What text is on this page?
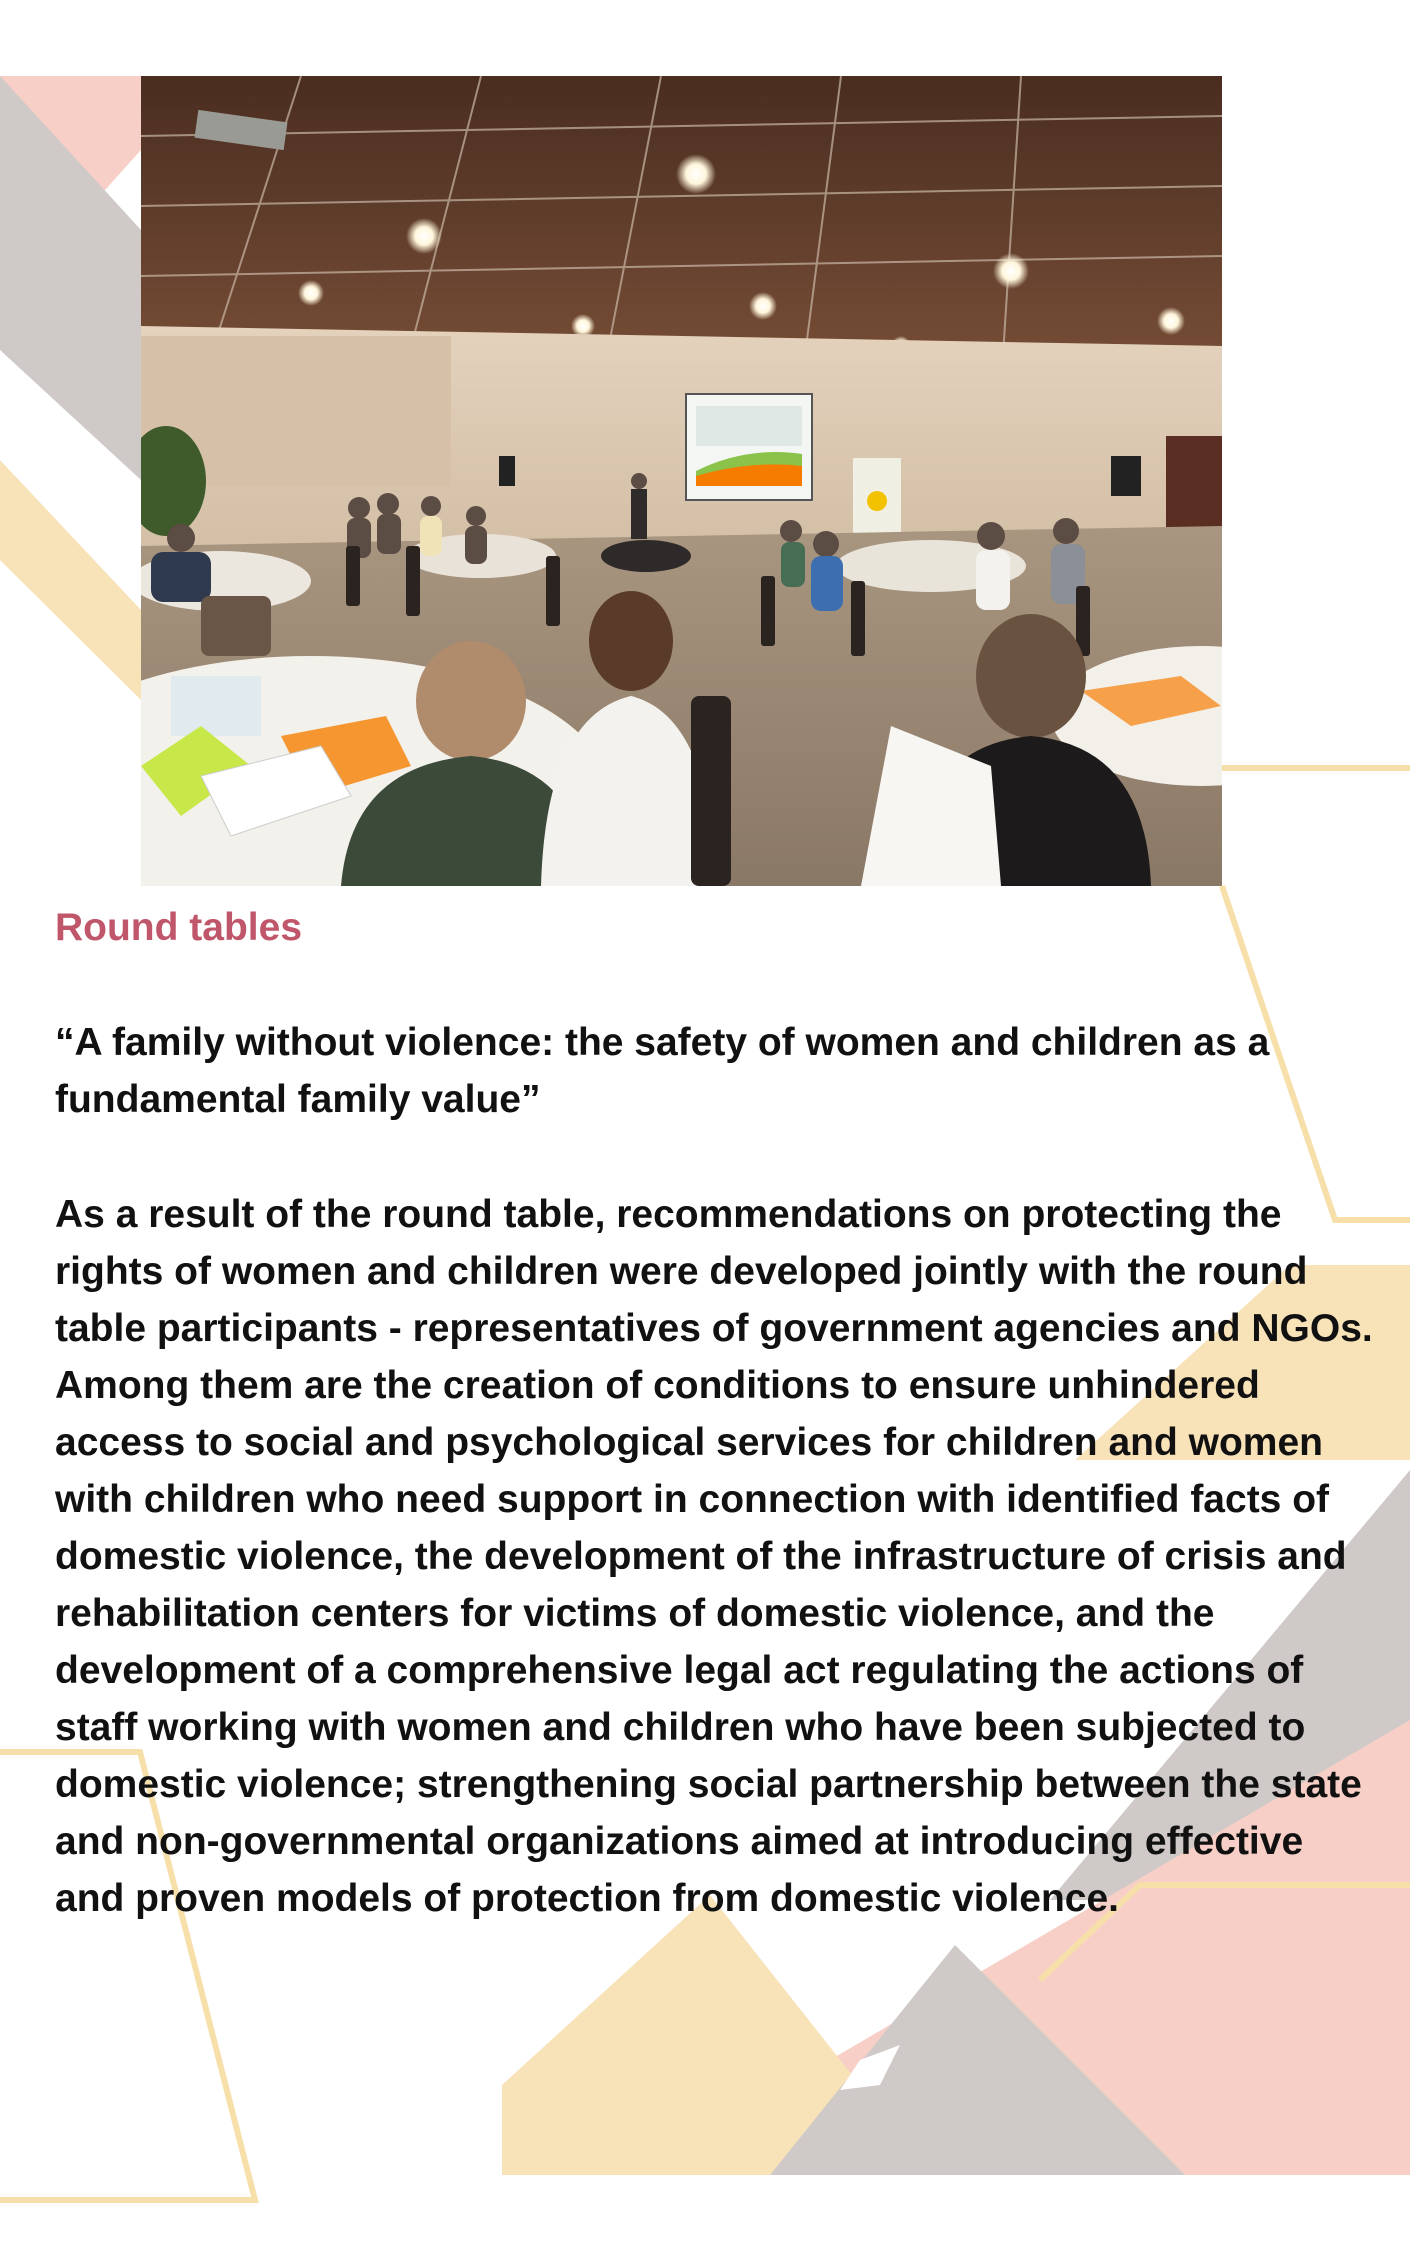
Round tables

“A family without violence: the safety of women and children as a fundamental family value”

As a result of the round table, recommendations on protecting the rights of women and children were developed jointly with the round table participants - representatives of government agencies and NGOs. Among them are the creation of conditions to ensure unhindered access to social and psychological services for children and women with children who need support in connection with identified facts of domestic violence, the development of the infrastructure of crisis and rehabilitation centers for victims of domestic violence, and the development of a comprehensive legal act regulating the actions of staff working with women and children who have been subjected to domestic violence; strengthening social partnership between the state and non-governmental organizations aimed at introducing effective and proven models of protection from domestic violence.
